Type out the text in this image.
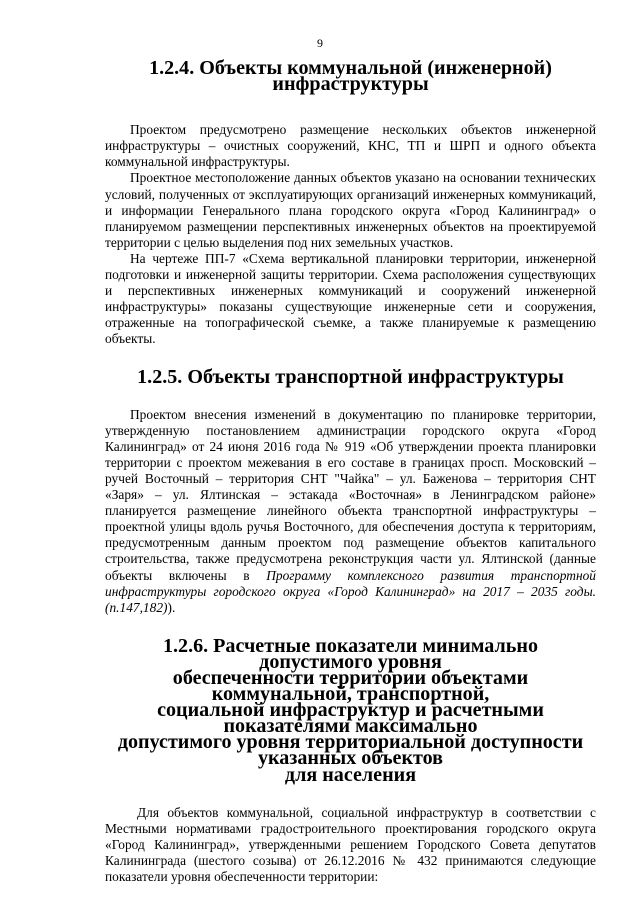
9
1.2.4. Объекты коммунальной (инженерной) инфраструктуры

Проектом предусмотрено размещение нескольких объектов инженерной инфраструктуры – очистных сооружений, КНС, ТП и ШРП и одного объекта коммунальной инфраструктуры.

Проектное местоположение данных объектов указано на основании технических условий, полученных от эксплуатирующих организаций инженерных коммуникаций, и информации Генерального плана городского округа «Город Калининград» о планируемом размещении перспективных инженерных объектов на проектируемой территории с целью выделения под них земельных участков.

На чертеже ПП-7 «Схема вертикальной планировки территории, инженерной подготовки и инженерной защиты территории. Схема расположения существующих и перспективных инженерных коммуникаций и сооружений инженерной инфраструктуры» показаны существующие инженерные сети и сооружения, отраженные на топографической съемке, а также планируемые к размещению объекты.

1.2.5. Объекты транспортной инфраструктуры

Проектом внесения изменений в документацию по планировке территории, утвержденную постановлением администрации городского округа «Город Калининград» от 24 июня 2016 года № 919 «Об утверждении проекта планировки территории с проектом межевания в его составе в границах просп. Московский – ручей Восточный – территория СНТ "Чайка" – ул. Баженова – территория СНТ «Заря» – ул. Ялтинская – эстакада «Восточная» в Ленинградском районе» планируется размещение линейного объекта транспортной инфраструктуры – проектной улицы вдоль ручья Восточного, для обеспечения доступа к территориям, предусмотренным данным проектом под размещение объектов капитального строительства, также предусмотрена реконструкция части ул. Ялтинской (данные объекты включены в Программу комплексного развития транспортной инфраструктуры городского округа «Город Калининград» на 2017 – 2035 годы. (п.147,182)).

1.2.6. Расчетные показатели минимально допустимого уровня
обеспеченности территории объектами коммунальной, транспортной,
социальной инфраструктур и расчетными показателями максимально
допустимого уровня территориальной доступности указанных объектов
для населения

Для объектов коммунальной, социальной инфраструктур в соответствии с Местными нормативами градостроительного проектирования городского округа «Город Калининград», утвержденными решением Городского Совета депутатов Калининграда (шестого созыва) от 26.12.2016 № 432 принимаются следующие показатели уровня обеспеченности территории:
